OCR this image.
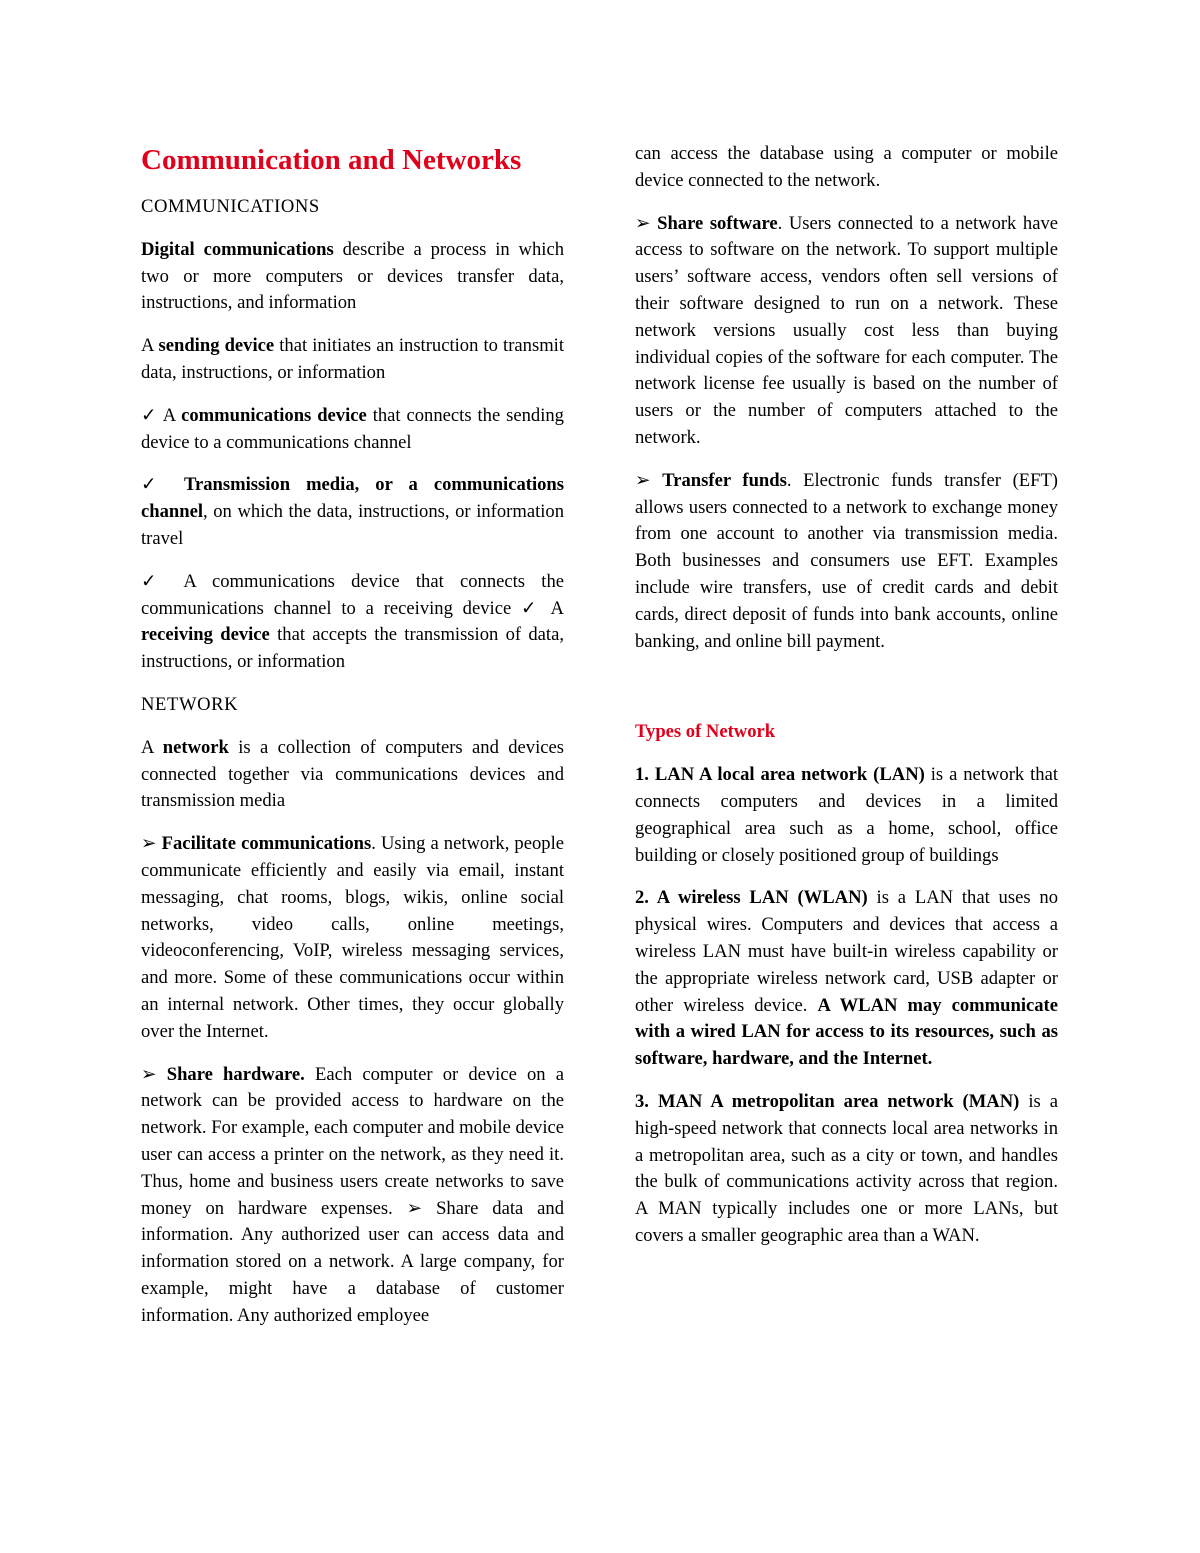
Communication and Networks

COMMUNICATIONS

Digital communications describe a process in which two or more computers or devices transfer data, instructions, and information

A sending device that initiates an instruction to transmit data, instructions, or information

✓ A communications device that connects the sending device to a communications channel

✓ Transmission media, or a communications channel, on which the data, instructions, or information travel

✓ A communications device that connects the communications channel to a receiving device ✓ A receiving device that accepts the transmission of data, instructions, or information

NETWORK

A network is a collection of computers and devices connected together via communications devices and transmission media

➢ Facilitate communications. Using a network, people communicate efficiently and easily via email, instant messaging, chat rooms, blogs, wikis, online social networks, video calls, online meetings, videoconferencing, VoIP, wireless messaging services, and more. Some of these communications occur within an internal network. Other times, they occur globally over the Internet.

➢ Share hardware. Each computer or device on a network can be provided access to hardware on the network. For example, each computer and mobile device user can access a printer on the network, as they need it. Thus, home and business users create networks to save money on hardware expenses. ➢ Share data and information. Any authorized user can access data and information stored on a network. A large company, for example, might have a database of customer information. Any authorized employee

can access the database using a computer or mobile device connected to the network.

➢ Share software. Users connected to a network have access to software on the network. To support multiple users’ software access, vendors often sell versions of their software designed to run on a network. These network versions usually cost less than buying individual copies of the software for each computer. The network license fee usually is based on the number of users or the number of computers attached to the network.

➢ Transfer funds. Electronic funds transfer (EFT) allows users connected to a network to exchange money from one account to another via transmission media. Both businesses and consumers use EFT. Examples include wire transfers, use of credit cards and debit cards, direct deposit of funds into bank accounts, online banking, and online bill payment.

Types of Network

1. LAN A local area network (LAN) is a network that connects computers and devices in a limited geographical area such as a home, school, office building or closely positioned group of buildings

2. A wireless LAN (WLAN) is a LAN that uses no physical wires. Computers and devices that access a wireless LAN must have built-in wireless capability or the appropriate wireless network card, USB adapter or other wireless device. A WLAN may communicate with a wired LAN for access to its resources, such as software, hardware, and the Internet.

3. MAN A metropolitan area network (MAN) is a high-speed network that connects local area networks in a metropolitan area, such as a city or town, and handles the bulk of communications activity across that region. A MAN typically includes one or more LANs, but covers a smaller geographic area than a WAN.
